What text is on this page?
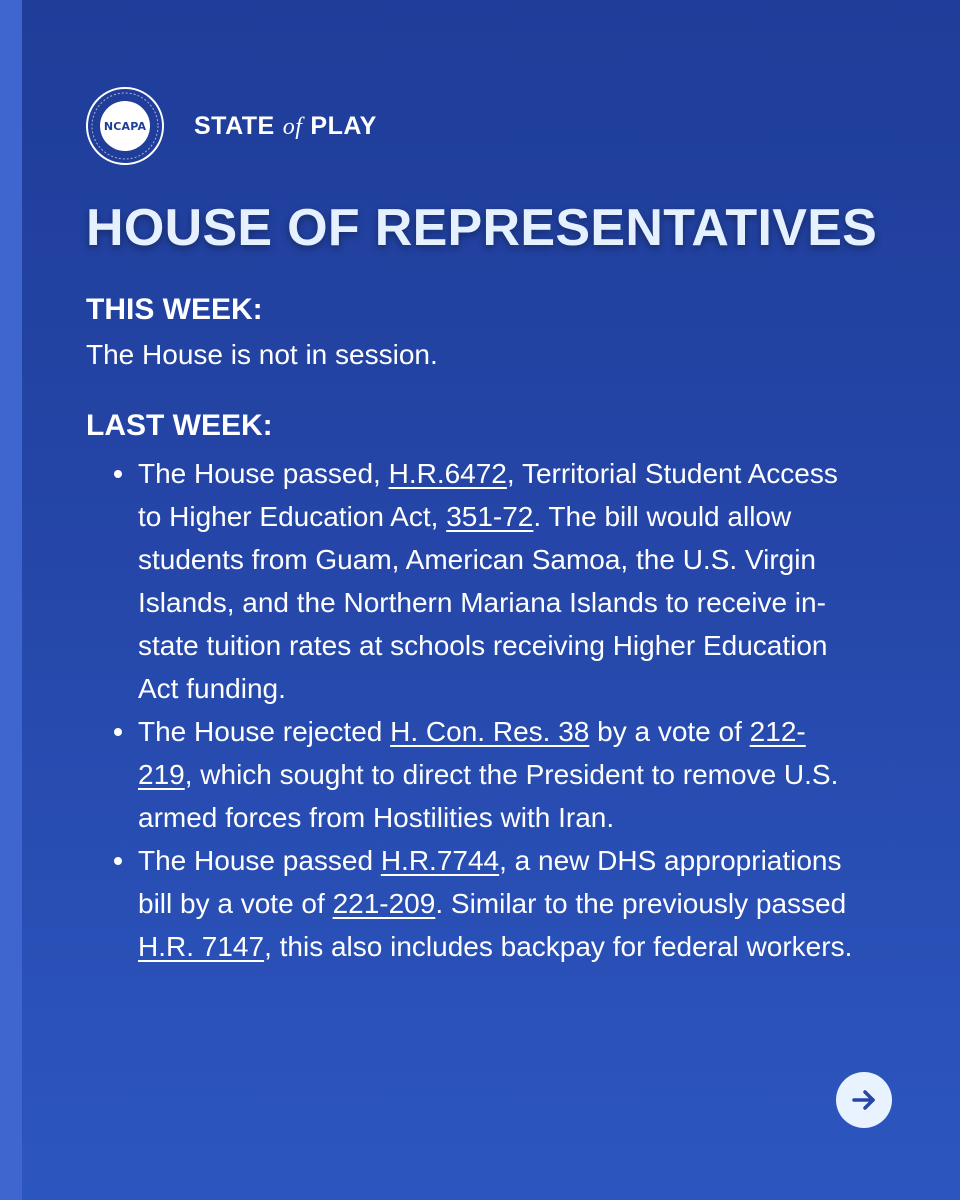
NCAPA STATE of PLAY
HOUSE OF REPRESENTATIVES

THIS WEEK:

The House is not in session.

LAST WEEK:

The House passed, H.R.6472, Territorial Student Access to Higher Education Act, 351-72. The bill would allow students from Guam, American Samoa, the U.S. Virgin Islands, and the Northern Mariana Islands to receive in-state tuition rates at schools receiving Higher Education Act funding.
The House rejected H. Con. Res. 38 by a vote of 212-219, which sought to direct the President to remove U.S. armed forces from Hostilities with Iran.
The House passed H.R.7744, a new DHS appropriations bill by a vote of 221-209. Similar to the previously passed H.R. 7147, this also includes backpay for federal workers.
